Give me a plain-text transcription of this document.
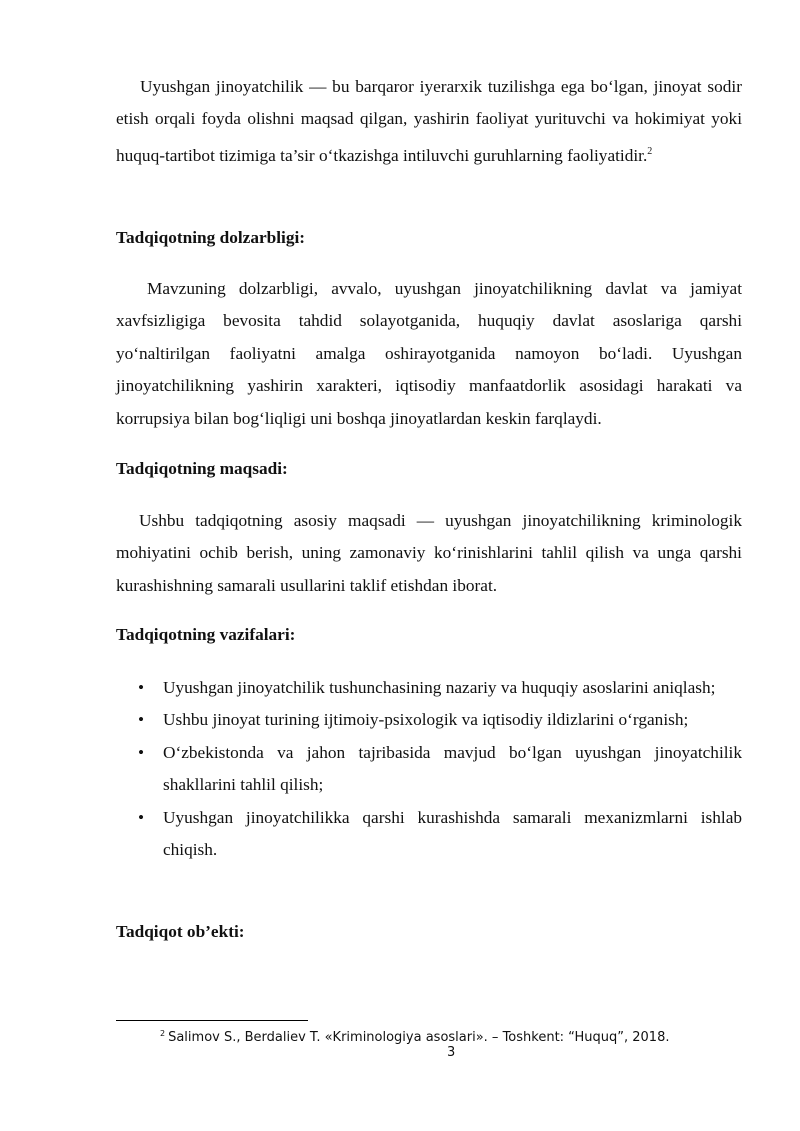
Uyushgan jinoyatchilik — bu barqaror iyerarxik tuzilishga ega bo‘lgan, jinoyat sodir etish orqali foyda olishni maqsad qilgan, yashirin faoliyat yurituvchi va hokimiyat yoki huquq-tartibot tizimiga ta’sir o‘tkazishga intiluvchi guruhlarning faoliyatidir.$^2$

Tadqiqotning dolzarbligi:

Mavzuning dolzarbligi, avvalo, uyushgan jinoyatchilikning davlat va jamiyat xavfsizligiga bevosita tahdid solayotganida, huquqiy davlat asoslariga qarshi yo‘naltirilgan faoliyatni amalga oshirayotganida namoyon bo‘ladi. Uyushgan jinoyatchilikning yashirin xarakteri, iqtisodiy manfaatdorlik asosidagi harakati va korrupsiya bilan bog‘liqligi uni boshqa jinoyatlardan keskin farqlaydi.

Tadqiqotning maqsadi:

Ushbu tadqiqotning asosiy maqsadi — uyushgan jinoyatchilikning kriminologik mohiyatini ochib berish, uning zamonaviy ko‘rinishlarini tahlil qilish va unga qarshi kurashishning samarali usullarini taklif etishdan iborat.

Tadqiqotning vazifalari:
• Uyushgan jinoyatchilik tushunchasining nazariy va huquqiy asoslarini aniqlash;
• Ushbu jinoyat turining ijtimoiy-psixologik va iqtisodiy ildizlarini o‘rganish;
• O‘zbekistonda va jahon tajribasida mavjud bo‘lgan uyushgan jinoyatchilik shakllarini tahlil qilish;
• Uyushgan jinoyatchilikka qarshi kurashishda samarali mexanizmlarni ishlab chiqish.
Tadqiqot ob’ekti:
$^2$ Salimov S., Berdaliev T. «Kriminologiya asoslari». – Toshkent: “Huquq”, 2018.
3
